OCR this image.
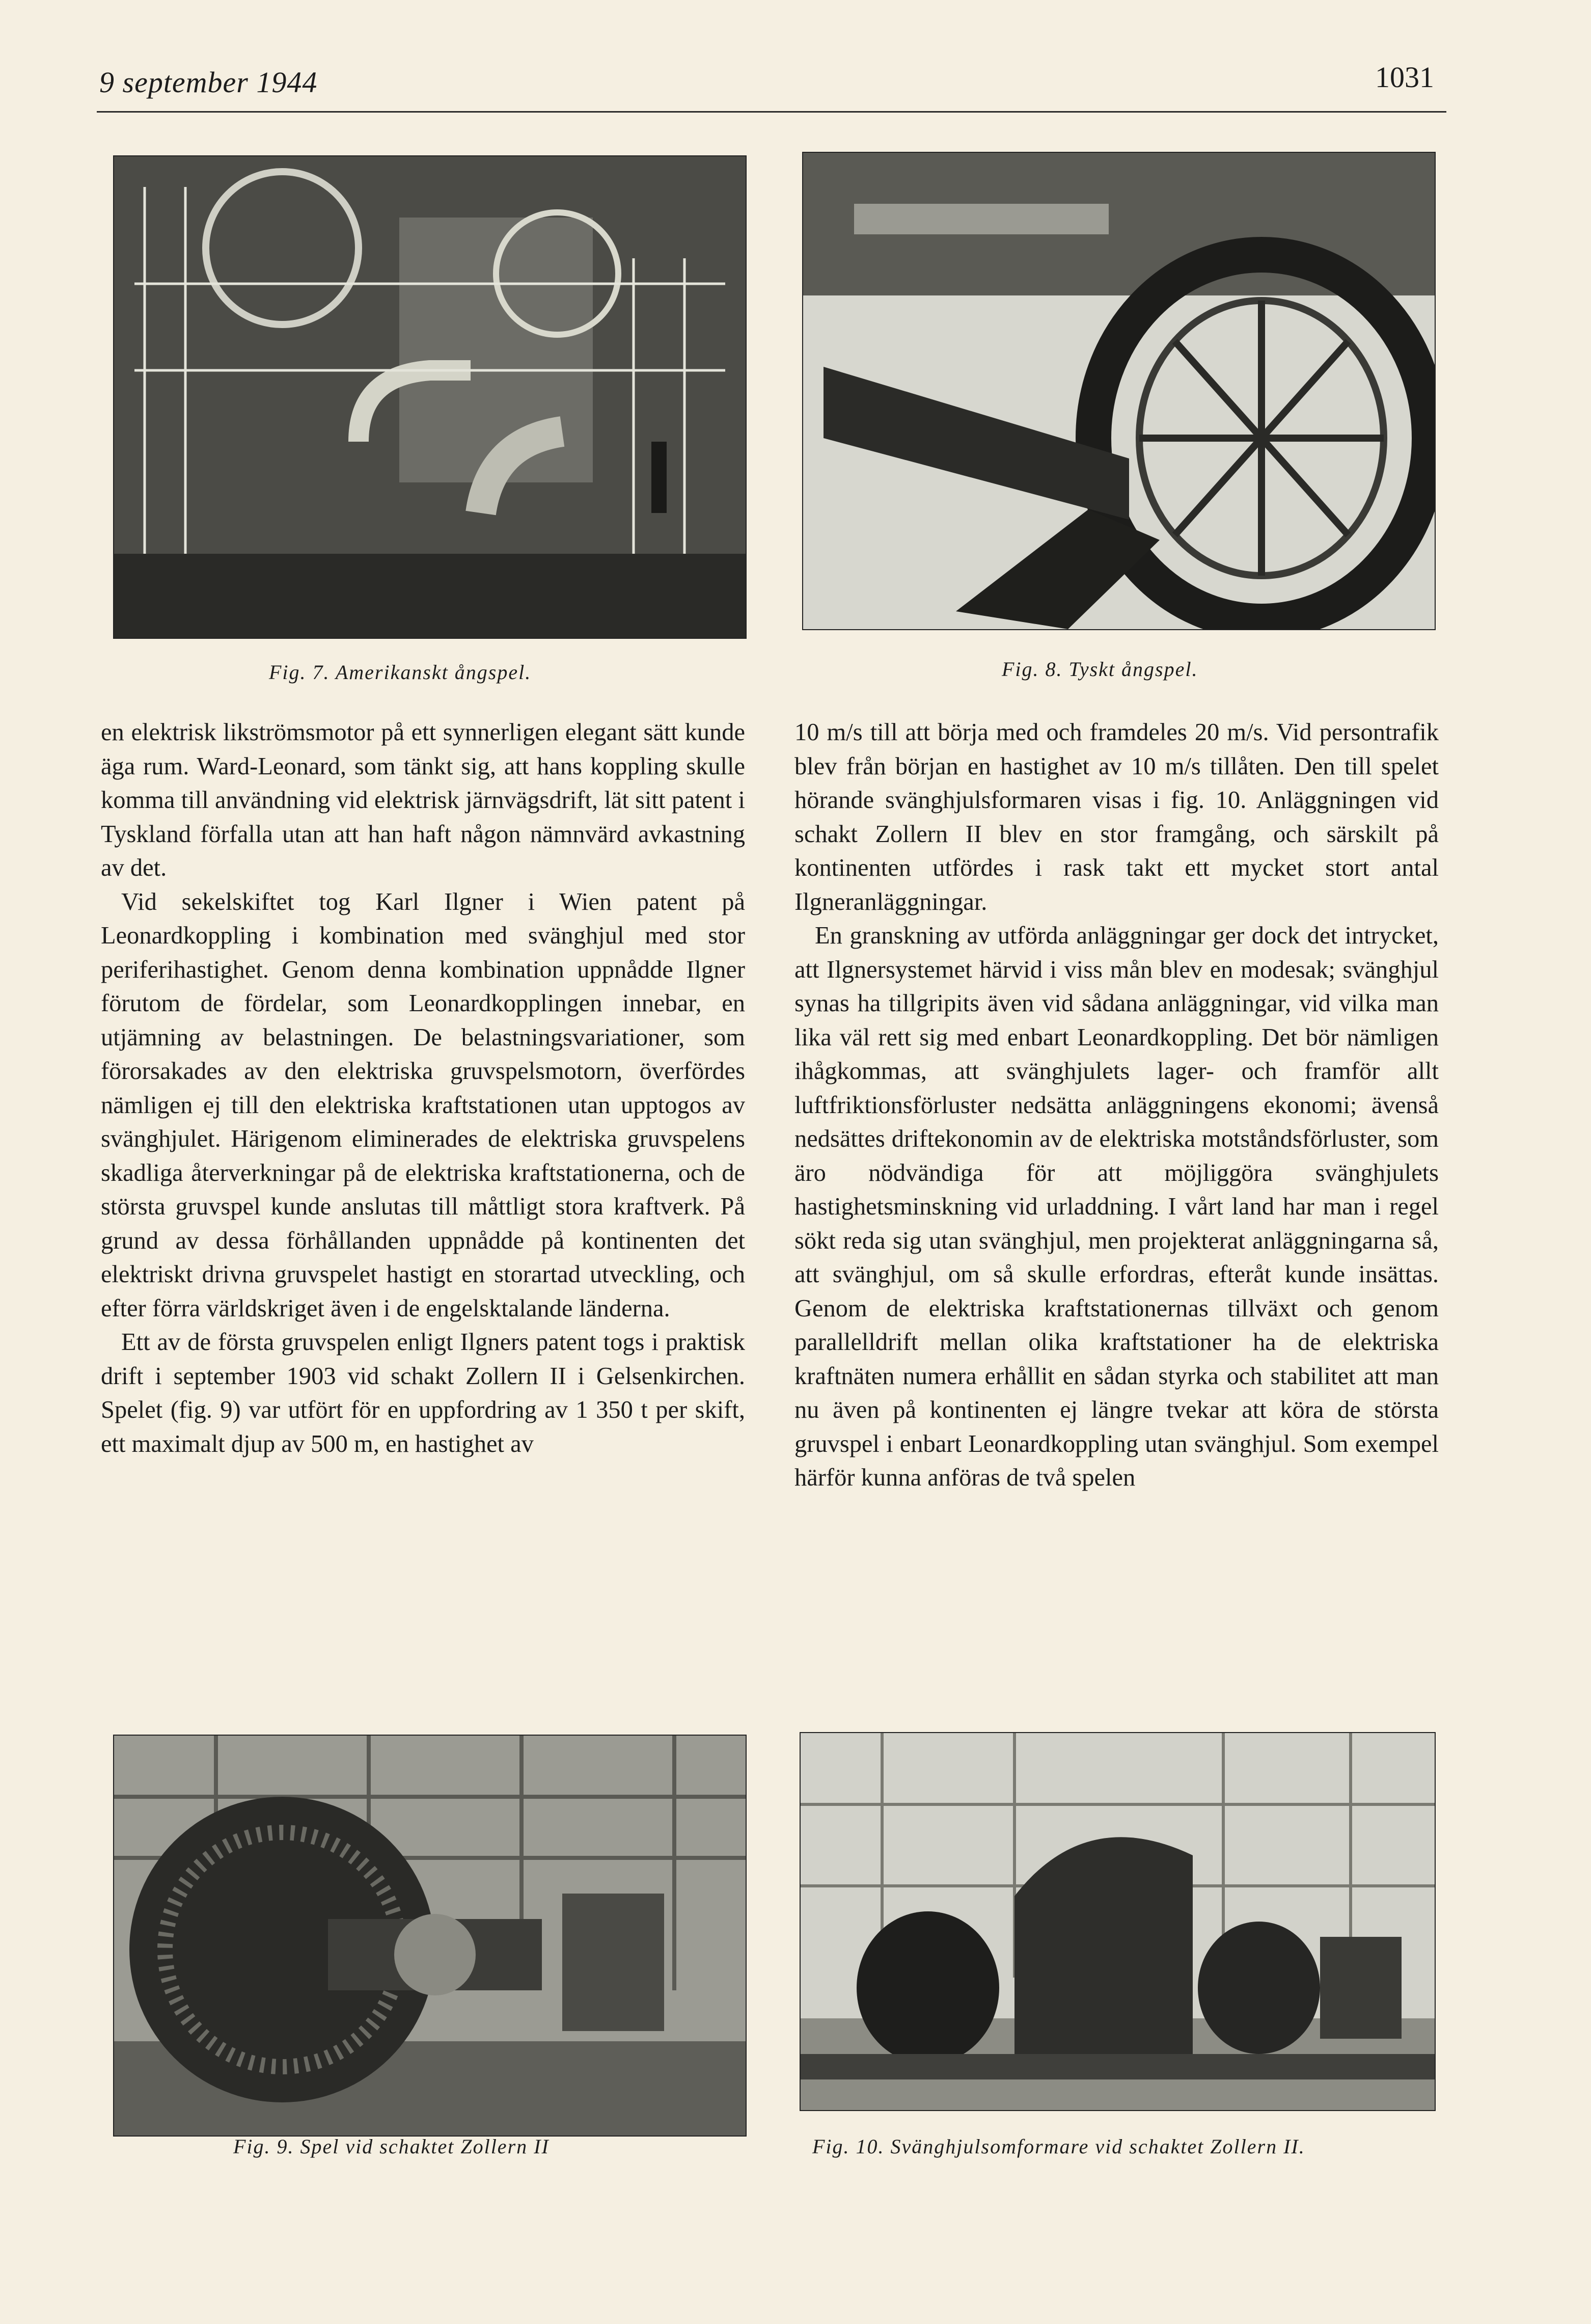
9 september 1944	1031
Fig. 7. Amerikanskt ångspel.	Fig. 8. Tyskt ångspel.

en elektrisk likströmsmotor på ett synnerligen elegant sätt kunde äga rum. Ward-Leonard, som tänkt sig, att hans koppling skulle komma till användning vid elektrisk järnvägsdrift, lät sitt patent i Tyskland förfalla utan att han haft någon nämnvärd avkastning av det.

Vid sekelskiftet tog Karl Ilgner i Wien patent på Leonardkoppling i kombination med svänghjul med stor periferihastighet. Genom denna kombination uppnådde Ilgner förutom de fördelar, som Leonardkopplingen innebar, en utjämning av belastningen. De belastningsvariationer, som förorsakades av den elektriska gruvspelsmotorn, överfördes nämligen ej till den elektriska kraftstationen utan upptogos av svänghjulet. Härigenom eliminerades de elektriska gruvspelens skadliga återverkningar på de elektriska kraftstationerna, och de största gruvspel kunde anslutas till måttligt stora kraftverk. På grund av dessa förhållanden uppnådde på kontinenten det elektriskt drivna gruvspelet hastigt en storartad utveckling, och efter förra världskriget även i de engelsktalande länderna.

Ett av de första gruvspelen enligt Ilgners patent togs i praktisk drift i september 1903 vid schakt Zollern II i Gelsenkirchen. Spelet (fig. 9) var utfört för en uppfordring av 1 350 t per skift, ett maximalt djup av 500 m, en hastighet av

10 m/s till att börja med och framdeles 20 m/s. Vid persontrafik blev från början en hastighet av 10 m/s tillåten. Den till spelet hörande svänghjulsformaren visas i fig. 10. Anläggningen vid schakt Zollern II blev en stor framgång, och särskilt på kontinenten utfördes i rask takt ett mycket stort antal Ilgneranläggningar.

En granskning av utförda anläggningar ger dock det intrycket, att Ilgnersystemet härvid i viss mån blev en modesak; svänghjul synas ha tillgripits även vid sådana anläggningar, vid vilka man lika väl rett sig med enbart Leonardkoppling. Det bör nämligen ihågkommas, att svänghjulets lager- och framför allt luftfriktionsförluster nedsätta anläggningens ekonomi; ävenså nedsättes driftekonomin av de elektriska motståndsförluster, som äro nödvändiga för att möjliggöra svänghjulets hastighetsminskning vid urladdning. I vårt land har man i regel sökt reda sig utan svänghjul, men projekterat anläggningarna så, att svänghjul, om så skulle erfordras, efteråt kunde insättas. Genom de elektriska kraftstationernas tillväxt och genom parallelldrift mellan olika kraftstationer ha de elektriska kraftnäten numera erhållit en sådan styrka och stabilitet att man nu även på kontinenten ej längre tvekar att köra de största gruvspel i enbart Leonardkoppling utan svänghjul. Som exempel härför kunna anföras de två spelen

Fig. 9. Spel vid schaktet Zollern II	Fig. 10. Svänghjulsomformare vid schaktet Zollern II.
